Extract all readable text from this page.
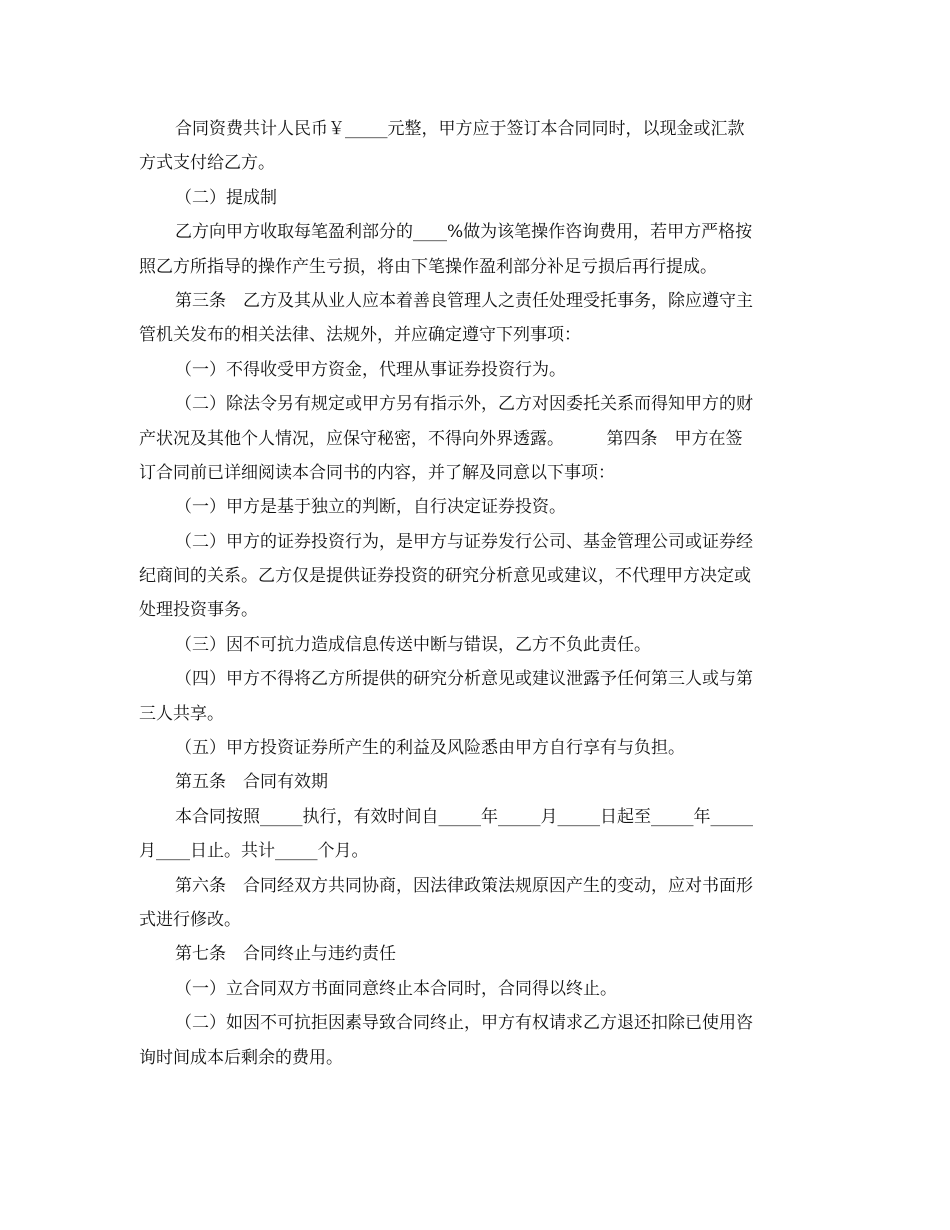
合同资费共计人民币￥_____元整，甲方应于签订本合同同时，以现金或汇款
方式支付给乙方。
（二）提成制
乙方向甲方收取每笔盈利部分的____%做为该笔操作咨询费用，若甲方严格按
照乙方所指导的操作产生亏损，将由下笔操作盈利部分补足亏损后再行提成。
第三条　乙方及其从业人应本着善良管理人之责任处理受托事务，除应遵守主
管机关发布的相关法律、法规外，并应确定遵守下列事项：
（一）不得收受甲方资金，代理从事证券投资行为。
（二）除法令另有规定或甲方另有指示外，乙方对因委托关系而得知甲方的财
产状况及其他个人情况，应保守秘密，不得向外界透露。　　　第四条　甲方在签
订合同前已详细阅读本合同书的内容，并了解及同意以下事项：
（一）甲方是基于独立的判断，自行决定证券投资。
（二）甲方的证券投资行为，是甲方与证券发行公司、基金管理公司或证券经
纪商间的关系。乙方仅是提供证券投资的研究分析意见或建议，不代理甲方决定或
处理投资事务。
（三）因不可抗力造成信息传送中断与错误，乙方不负此责任。
（四）甲方不得将乙方所提供的研究分析意见或建议泄露予任何第三人或与第
三人共享。
（五）甲方投资证券所产生的利益及风险悉由甲方自行享有与负担。
第五条　合同有效期
本合同按照_____执行，有效时间自_____年_____月_____日起至_____年_____
月____日止。共计_____个月。
第六条　合同经双方共同协商，因法律政策法规原因产生的变动，应对书面形
式进行修改。
第七条　合同终止与违约责任
（一）立合同双方书面同意终止本合同时，合同得以终止。
（二）如因不可抗拒因素导致合同终止，甲方有权请求乙方退还扣除已使用咨
询时间成本后剩余的费用。
